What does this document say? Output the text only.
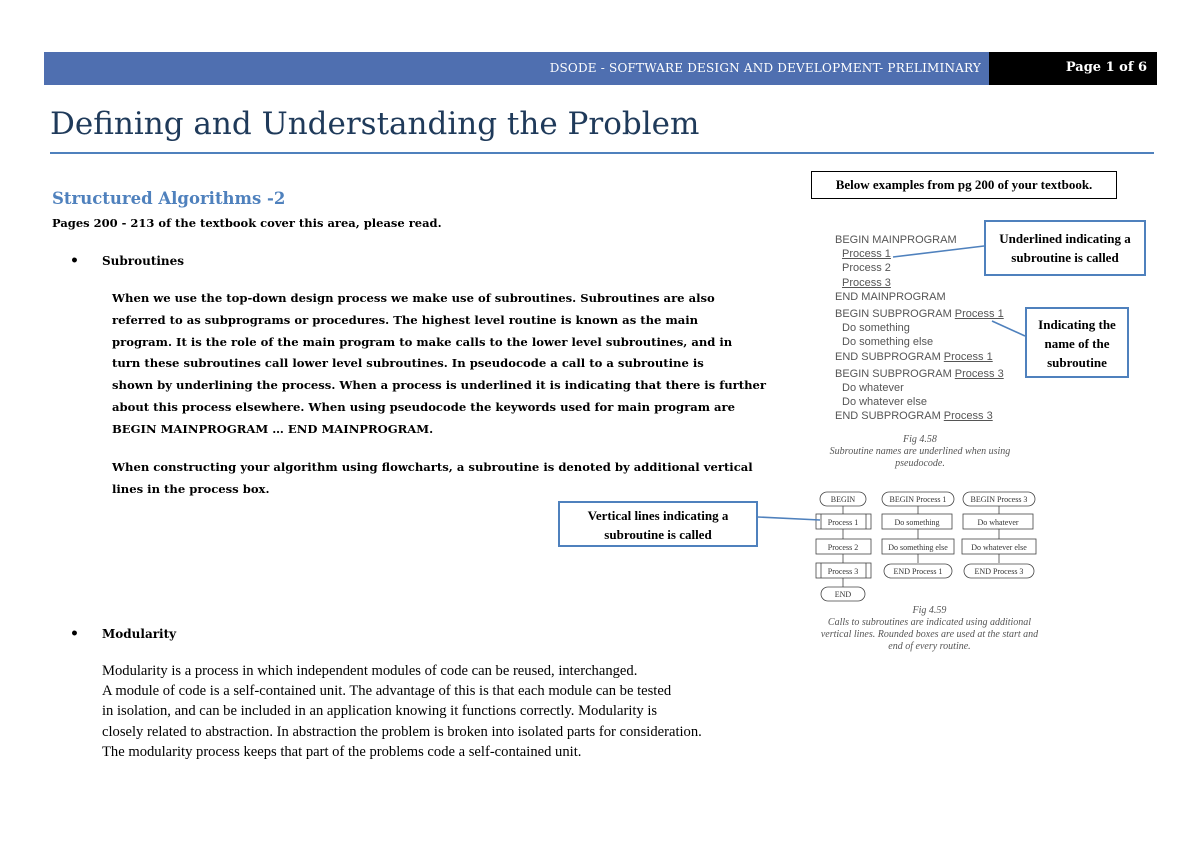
DSODE - SOFTWARE DESIGN AND DEVELOPMENT- PRELIMINARY	Page 1 of 6
Defining and Understanding the Problem
Structured Algorithms -2
Pages 200 - 213 of the textbook cover this area, please read.
• Subroutines
When we use the top-down design process we make use of subroutines. Subroutines are also
referred to as subprograms or procedures. The highest level routine is known as the main
program. It is the role of the main program to make calls to the lower level subroutines, and in
turn these subroutines call lower level subroutines. In pseudocode a call to a subroutine is
shown by underlining the process. When a process is underlined it is indicating that there is further
about this process elsewhere. When using pseudocode the keywords used for main program are
BEGIN MAINPROGRAM … END MAINPROGRAM.
When constructing your algorithm using flowcharts, a subroutine is denoted by additional vertical
lines in the process box.
• Modularity
Modularity is a process in which independent modules of code can be reused, interchanged.
A module of code is a self-contained unit. The advantage of this is that each module can be tested
in isolation, and can be included in an application knowing it functions correctly. Modularity is
closely related to abstraction. In abstraction the problem is broken into isolated parts for consideration.
The modularity process keeps that part of the problems code a self-contained unit.
Below examples from pg 200 of your textbook.
Underlined indicating a subroutine is called
Indicating the name of the subroutine
Vertical lines indicating a subroutine is called
BEGIN MAINPROGRAM
Process 1
Process 2
Process 3
END MAINPROGRAM
BEGIN SUBPROGRAM Process 1
Do something
Do something else
END SUBPROGRAM Process 1
BEGIN SUBPROGRAM Process 3
Do whatever
Do whatever else
END SUBPROGRAM Process 3
Fig 4.58
Subroutine names are underlined when using
pseudocode.
BEGIN
Process 1
Process 2
Process 3
END
BEGIN Process 1
Do something
Do something else
END Process 1
BEGIN Process 3
Do whatever
Do whatever else
END Process 3
Fig 4.59
Calls to subroutines are indicated using additional
vertical lines. Rounded boxes are used at the start and
end of every routine.
